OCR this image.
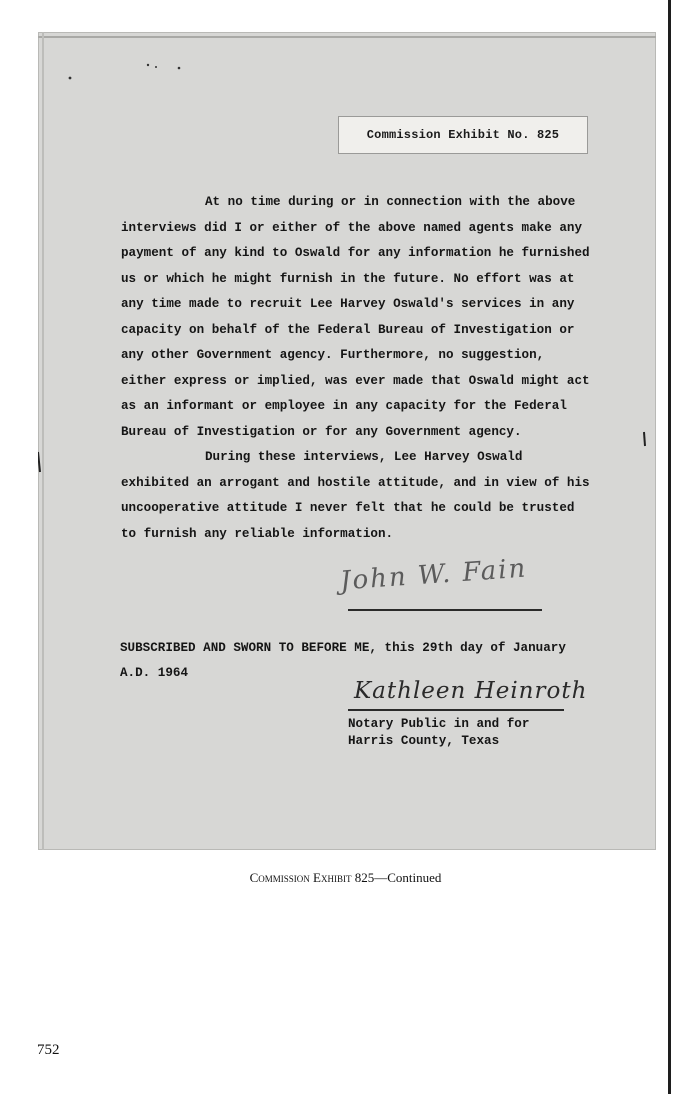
Commission Exhibit No. 825

At no time during or in connection with the above interviews did I or either of the above named agents make any payment of any kind to Oswald for any information he furnished us or which he might furnish in the future. No effort was at any time made to recruit Lee Harvey Oswald's services in any capacity on behalf of the Federal Bureau of Investigation or any other Government agency. Furthermore, no suggestion, either express or implied, was ever made that Oswald might act as an informant or employee in any capacity for the Federal Bureau of Investigation or for any Government agency.

During these interviews, Lee Harvey Oswald exhibited an arrogant and hostile attitude, and in view of his uncooperative attitude I never felt that he could be trusted to furnish any reliable information.

John W. Fain
SUBSCRIBED AND SWORN TO BEFORE ME, this 29th day of January A.D. 1964
Kathleen Heinroth
Notary Public in and for
Harris County, Texas
Commission Exhibit 825—Continued
752
